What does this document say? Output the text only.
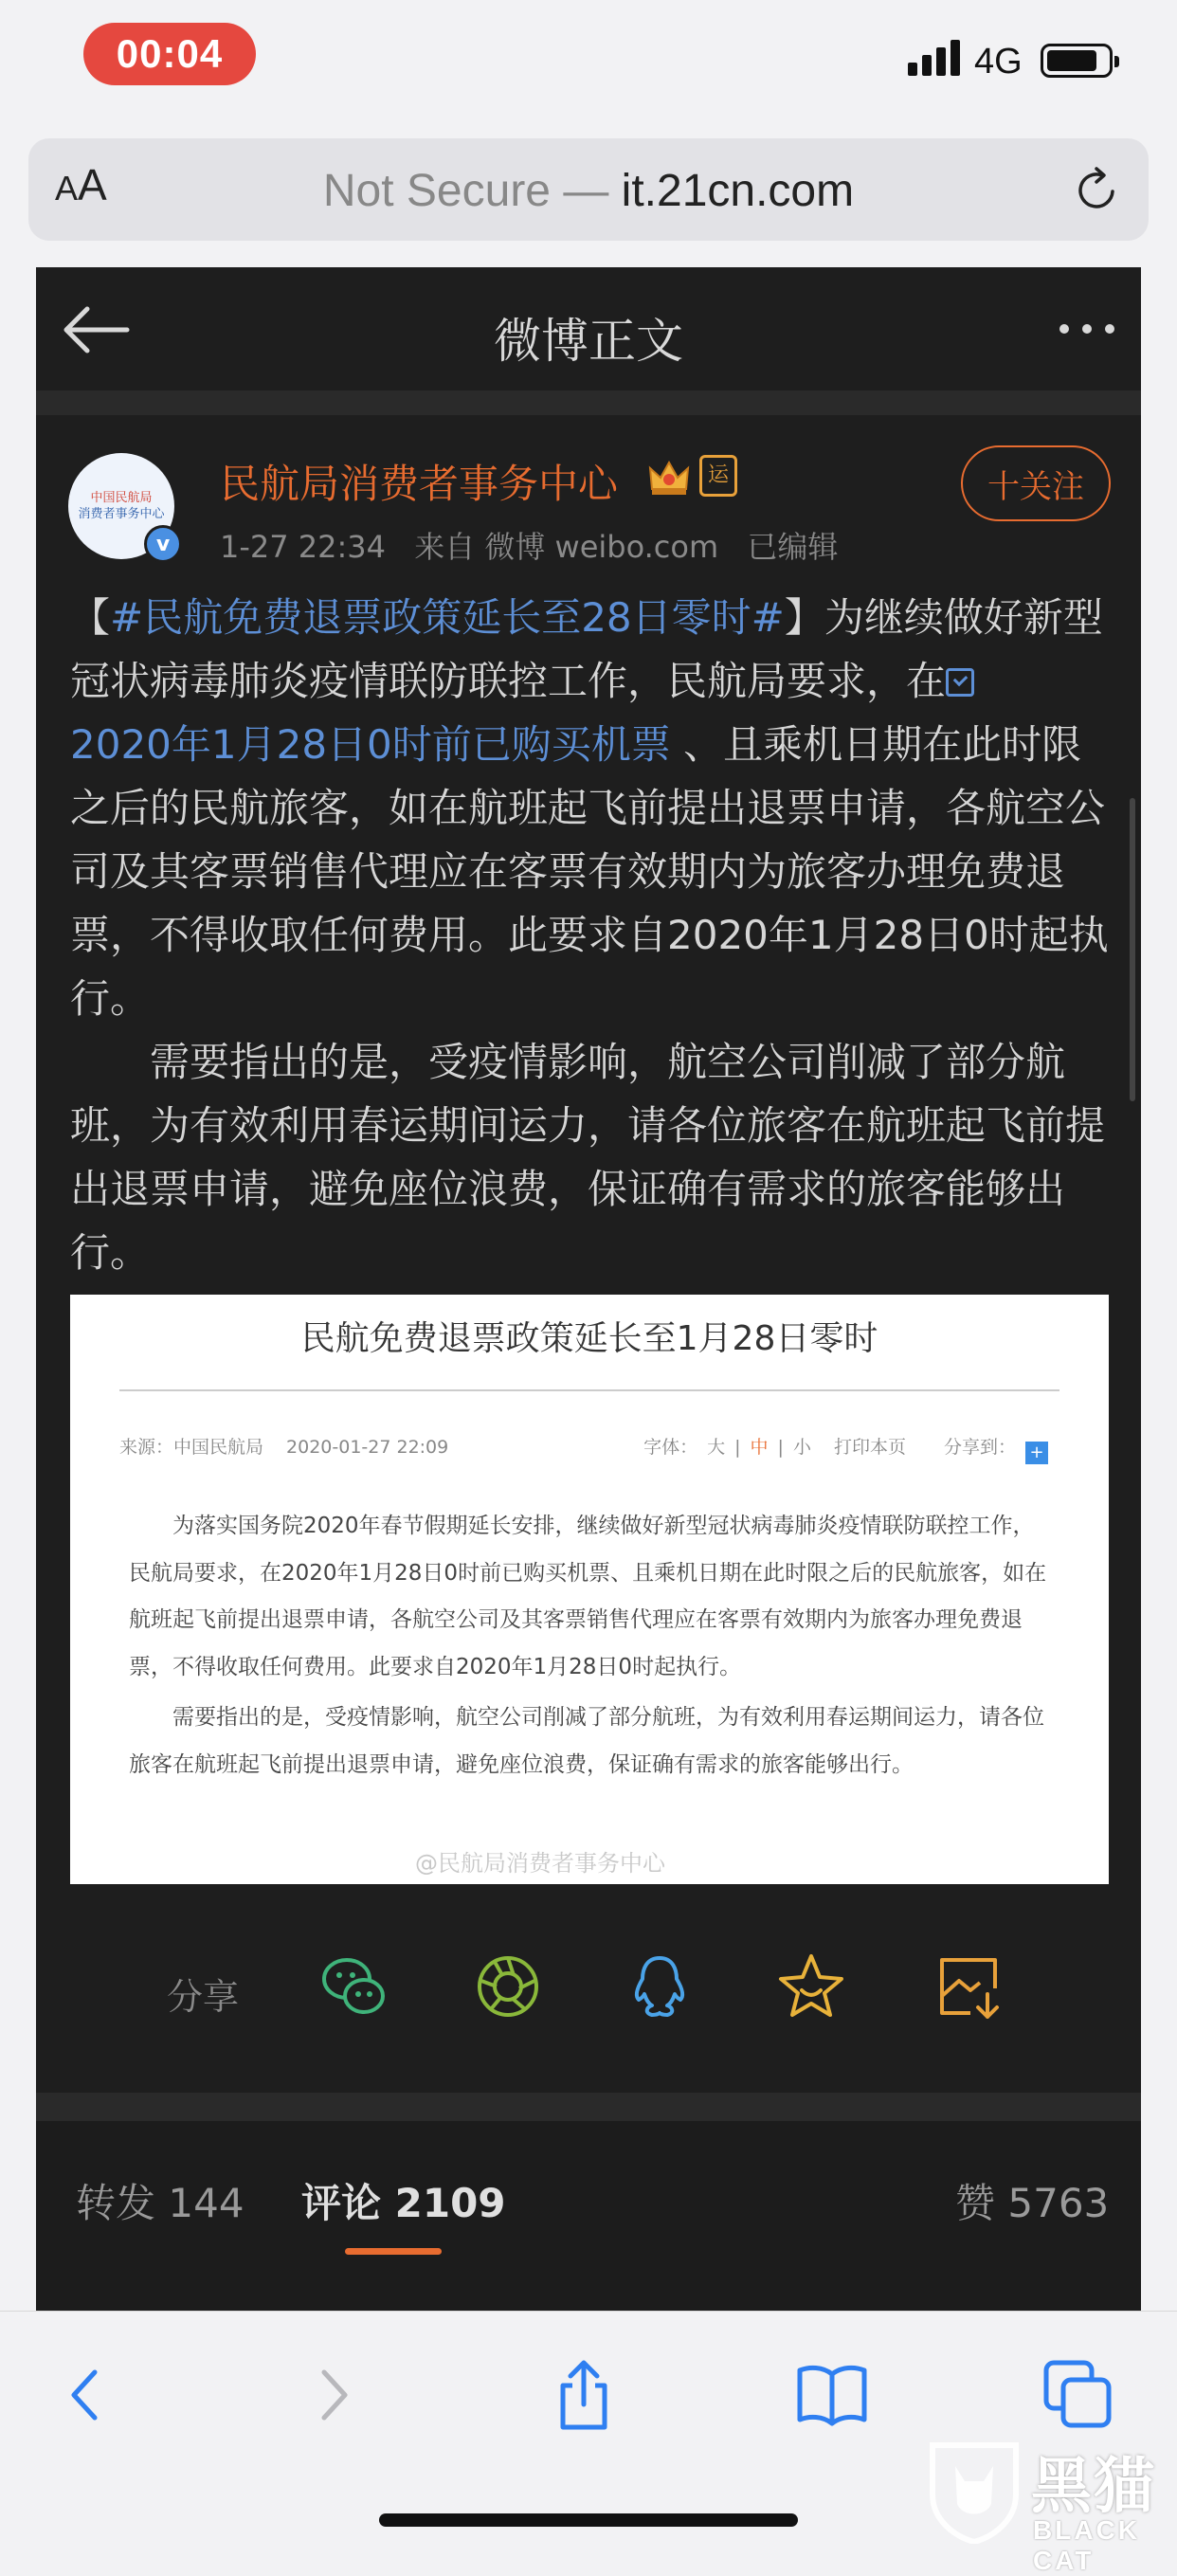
00:04	4G
AA	Not Secure — it.21cn.com
微博正文
中国民航局
消费者事务中心
v
民航局消费者事务中心	运
1-27 22:34 来自 微博 weibo.com 已编辑
十关注
【#民航免费退票政策延长至28日零时#】为继续做好新型冠状病毒肺炎疫情联防联控工作，民航局要求，在
2020年1月28日0时前已购买机票 、且乘机日期在此时限之后的民航旅客，如在航班起飞前提出退票申请，各航空公司及其客票销售代理应在客票有效期内为旅客办理免费退票，不得收取任何费用。此要求自2020年1月28日0时起执行。
需要指出的是，受疫情影响，航空公司削减了部分航班，为有效利用春运期间运力，请各位旅客在航班起飞前提出退票申请，避免座位浪费，保证确有需求的旅客能够出行。
民航免费退票政策延长至1月28日零时
来源：中国民航局 2020-01-27 22:09	字体： 大 | 中 | 小 打印本页 分享到： +

为落实国务院2020年春节假期延长安排，继续做好新型冠状病毒肺炎疫情联防联控工作，民航局要求，在2020年1月28日0时前已购买机票、且乘机日期在此时限之后的民航旅客，如在航班起飞前提出退票申请，各航空公司及其客票销售代理应在客票有效期内为旅客办理免费退票，不得收取任何费用。此要求自2020年1月28日0时起执行。

需要指出的是，受疫情影响，航空公司削减了部分航班，为有效利用春运期间运力，请各位旅客在航班起飞前提出退票申请，避免座位浪费，保证确有需求的旅客能够出行。

@民航局消费者事务中心
分享
转发 144 评论 2109	赞 5763
黑猫
BLACK CAT
